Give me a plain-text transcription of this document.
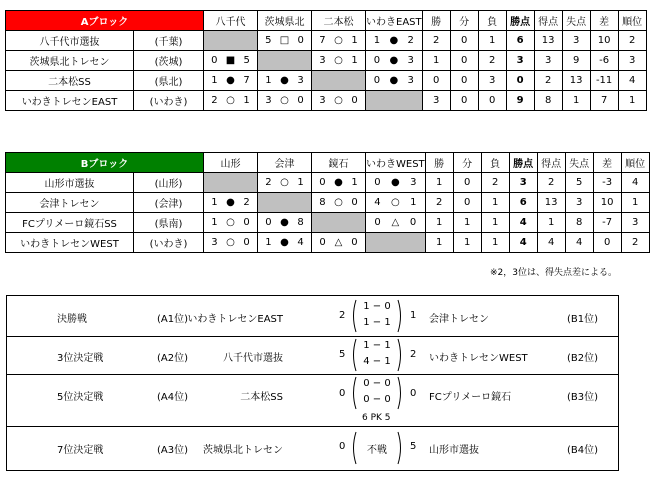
Aブロック		八千代	茨城県北	二本松	いわきEAST	勝	分	負	勝点	得点	失点	差	順位
八千代市選抜	(千葉)		5 □ 0	7 ○ 1	1 ● 2	2	0	1	6	13	3	10	2
茨城県北トレセン	(茨城)	0 ■ 5		3 ○ 1	0 ● 3	1	0	2	3	3	9	-6	3
二本松SS	(県北)	1 ● 7	1 ● 3		0 ● 3	0	0	3	0	2	13	-11	4
いわきトレセンEAST	(いわき)	2 ○ 1	3 ○ 0	3 ○ 0		3	0	0	9	8	1	7	1
Bブロック		山形	会津	鏡石	いわきWEST	勝	分	負	勝点	得点	失点	差	順位
山形市選抜	(山形)		2 ○ 1	0 ● 1	0 ● 3	1	0	2	3	2	5	-3	4
会津トレセン	(会津)	1 ● 2		8 ○ 0	4 ○ 1	2	0	1	6	13	3	10	1
FCプリメーロ鏡石SS	(県南)	1 ○ 0	0 ● 8		0 △ 0	1	1	1	4	1	8	-7	3
いわきトレセンWEST	(いわき)	3 ○ 0	1 ● 4	0 △ 0		1	1	1	4	4	4	0	2
※2，3位は、得失点差による。
決勝戦	(A1位) いわきトレセンEAST	2
1 − 0
1 − 1
1 会津トレセン	(B1位)
3位決定戦	(A2位)	八千代市選抜	5
1 − 1
4 − 1
2 いわきトレセンWEST	(B2位)
5位決定戦	(A4位)	二本松SS	0
0 − 0
0 − 0
0 FCプリメーロ鏡石	(B3位)
6 PK 5
7位決定戦	(A3位) 茨城県北トレセン	0	不戦	5 山形市選抜	(B4位)
